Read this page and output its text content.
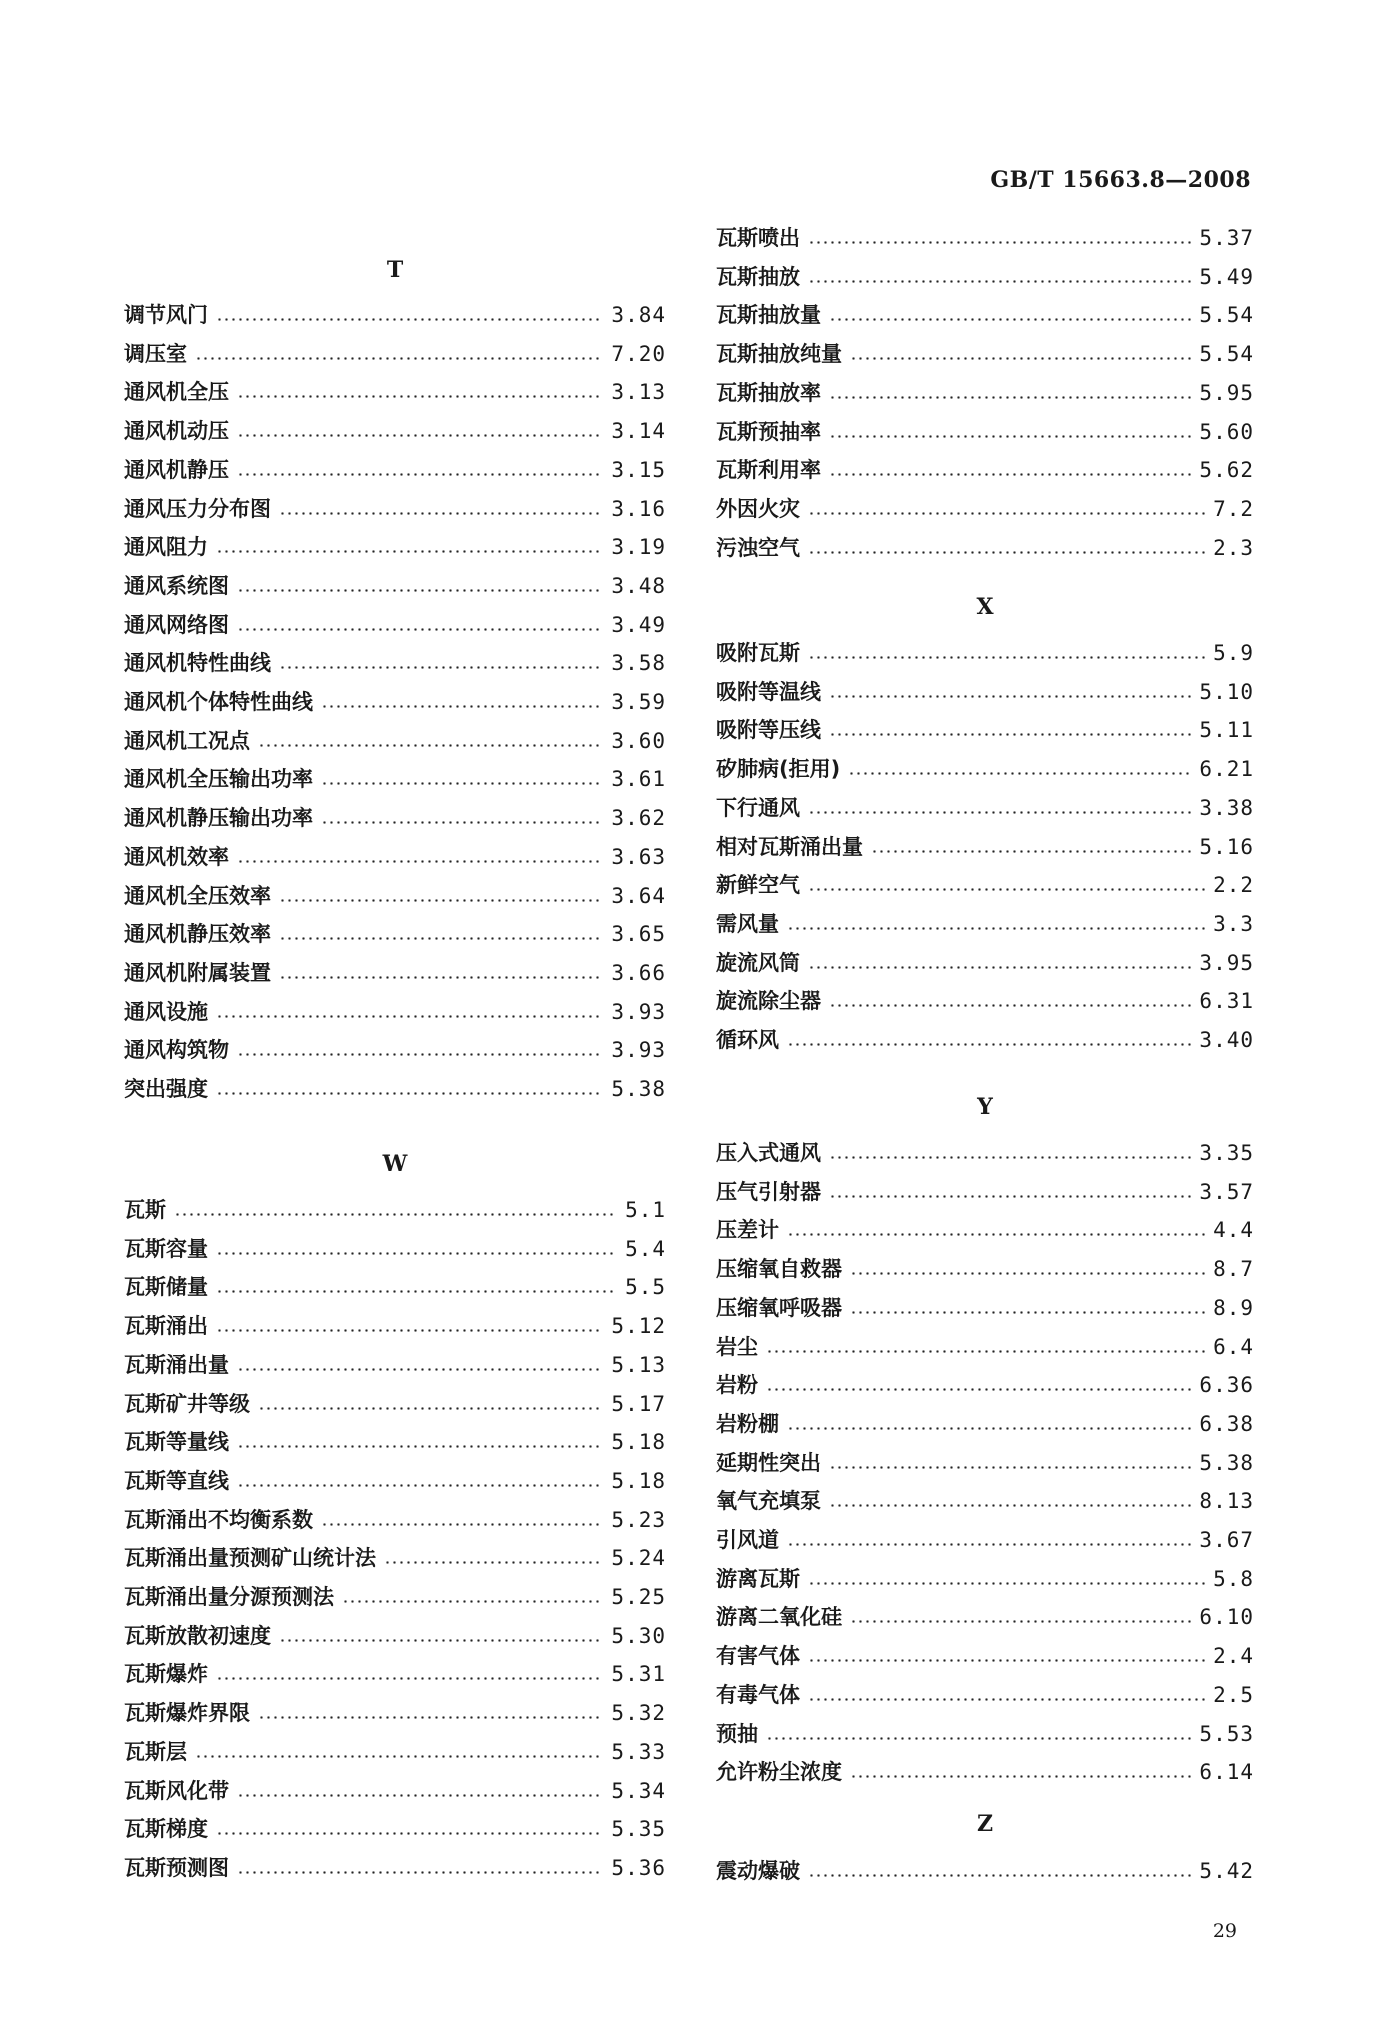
GB/T 15663.8—2008
T
调节风门	3.84
调压室	7.20
通风机全压	3.13
通风机动压	3.14
通风机静压	3.15
通风压力分布图	3.16
通风阻力	3.19
通风系统图	3.48
通风网络图	3.49
通风机特性曲线	3.58
通风机个体特性曲线	3.59
通风机工况点	3.60
通风机全压输出功率	3.61
通风机静压输出功率	3.62
通风机效率	3.63
通风机全压效率	3.64
通风机静压效率	3.65
通风机附属装置	3.66
通风设施	3.93
通风构筑物	3.93
突出强度	5.38
W
瓦斯	5.1
瓦斯容量	5.4
瓦斯储量	5.5
瓦斯涌出	5.12
瓦斯涌出量	5.13
瓦斯矿井等级	5.17
瓦斯等量线	5.18
瓦斯等直线	5.18
瓦斯涌出不均衡系数	5.23
瓦斯涌出量预测矿山统计法	5.24
瓦斯涌出量分源预测法	5.25
瓦斯放散初速度	5.30
瓦斯爆炸	5.31
瓦斯爆炸界限	5.32
瓦斯层	5.33
瓦斯风化带	5.34
瓦斯梯度	5.35
瓦斯预测图	5.36
瓦斯喷出	5.37
瓦斯抽放	5.49
瓦斯抽放量	5.54
瓦斯抽放纯量	5.54
瓦斯抽放率	5.95
瓦斯预抽率	5.60
瓦斯利用率	5.62
外因火灾	7.2
污浊空气	2.3
X
吸附瓦斯	5.9
吸附等温线	5.10
吸附等压线	5.11
矽肺病(拒用)	6.21
下行通风	3.38
相对瓦斯涌出量	5.16
新鲜空气	2.2
需风量	3.3
旋流风筒	3.95
旋流除尘器	6.31
循环风	3.40
Y
压入式通风	3.35
压气引射器	3.57
压差计	4.4
压缩氧自救器	8.7
压缩氧呼吸器	8.9
岩尘	6.4
岩粉	6.36
岩粉棚	6.38
延期性突出	5.38
氧气充填泵	8.13
引风道	3.67
游离瓦斯	5.8
游离二氧化硅	6.10
有害气体	2.4
有毒气体	2.5
预抽	5.53
允许粉尘浓度	6.14
Z
震动爆破	5.42
29
